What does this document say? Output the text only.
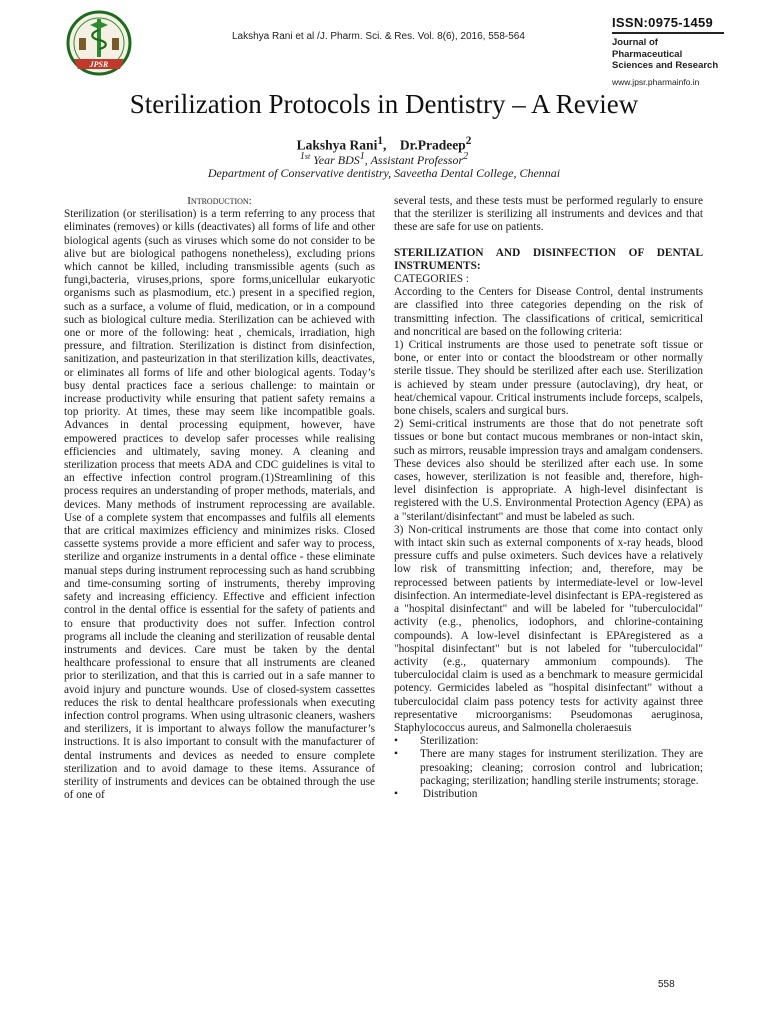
JPSR
Lakshya Rani et al /J. Pharm. Sci. & Res. Vol. 8(6), 2016, 558-564
ISSN:0975-1459
Journal of Pharmaceutical Sciences and Research
www.jpsr.pharmainfo.in
Sterilization Protocols in Dentistry – A Review
Lakshya Rani$^1$,    Dr.Pradeep$^2$
$^{1st}$ Year BDS$^1$, Assistant Professor$^2$
Department of Conservative dentistry, Saveetha Dental College, Chennai
Introduction:

Sterilization (or sterilisation) is a term referring to any process that eliminates (removes) or kills (deactivates) all forms of life and other biological agents (such as viruses which some do not consider to be alive but are biological pathogens nonetheless), excluding prions which cannot be killed, including transmissible agents (such as fungi,bacteria, viruses,prions, spore forms,unicellular eukaryotic organisms such as plasmodium, etc.) present in a specified region, such as a surface, a volume of fluid, medication, or in a compound such as biological culture media. Sterilization can be achieved with one or more of the following: heat , chemicals, irradiation, high pressure, and filtration. Sterilization is distinct from disinfection, sanitization, and pasteurization in that sterilization kills, deactivates, or eliminates all forms of life and other biological agents. Today’s busy dental practices face a serious challenge: to maintain or increase productivity while ensuring that patient safety remains a top priority. At times, these may seem like incompatible goals. Advances in dental processing equipment, however, have empowered practices to develop safer processes while realising efficiencies and ultimately, saving money. A cleaning and sterilization process that meets ADA and CDC guidelines is vital to an effective infection control program.(1)Streamlining of this process requires an understanding of proper methods, materials, and devices. Many methods of instrument reprocessing are available. Use of a complete system that encompasses and fulfils all elements that are critical maximizes efficiency and minimizes risks. Closed cassette systems provide a more efficient and safer way to process, sterilize and organize instruments in a dental office - these eliminate manual steps during instrument reprocessing such as hand scrubbing and time-consuming sorting of instruments, thereby improving safety and increasing efficiency. Effective and efficient infection control in the dental office is essential for the safety of patients and to ensure that productivity does not suffer. Infection control programs all include the cleaning and sterilization of reusable dental instruments and devices. Care must be taken by the dental healthcare professional to ensure that all instruments are cleaned prior to sterilization, and that this is carried out in a safe manner to avoid injury and puncture wounds. Use of closed-system cassettes reduces the risk to dental healthcare professionals when executing infection control programs. When using ultrasonic cleaners, washers and sterilizers, it is important to always follow the manufacturer’s instructions. It is also important to consult with the manufacturer of dental instruments and devices as needed to ensure complete sterilization and to avoid damage to these items. Assurance of sterility of instruments and devices can be obtained through the use of one of

several tests, and these tests must be performed regularly to ensure that the sterilizer is sterilizing all instruments and devices and that these are safe for use on patients.

STERILIZATION AND DISINFECTION OF DENTAL INSTRUMENTS:
CATEGORIES :

According to the Centers for Disease Control, dental instruments are classified into three categories depending on the risk of transmitting infection. The classifications of critical, semicritical and noncritical are based on the following criteria:

1) Critical instruments are those used to penetrate soft tissue or bone, or enter into or contact the bloodstream or other normally sterile tissue. They should be sterilized after each use. Sterilization is achieved by steam under pressure (autoclaving), dry heat, or heat/chemical vapour. Critical instruments include forceps, scalpels, bone chisels, scalers and surgical burs.

2) Semi-critical instruments are those that do not penetrate soft tissues or bone but contact mucous membranes or non-intact skin, such as mirrors, reusable impression trays and amalgam condensers. These devices also should be sterilized after each use. In some cases, however, sterilization is not feasible and, therefore, high-level disinfection is appropriate. A high-level disinfectant is registered with the U.S. Environmental Protection Agency (EPA) as a "sterilant/disinfectant" and must be labeled as such.

3) Non-critical instruments are those that come into contact only with intact skin such as external components of x-ray heads, blood pressure cuffs and pulse oximeters. Such devices have a relatively low risk of transmitting infection; and, therefore, may be reprocessed between patients by intermediate-level or low-level disinfection. An intermediate-level disinfectant is EPA-registered as a "hospital disinfectant" and will be labeled for "tuberculocidal" activity (e.g., phenolics, iodophors, and chlorine-containing compounds). A low-level disinfectant is EPAregistered as a "hospital disinfectant" but is not labeled for "tuberculocidal" activity (e.g., quaternary ammonium compounds). The tuberculocidal claim is used as a benchmark to measure germicidal potency. Germicides labeled as "hospital disinfectant" without a tuberculocidal claim pass potency tests for activity against three representative microorganisms: Pseudomonas aeruginosa, Staphylococcus aureus, and Salmonella choleraesuis

•	Sterilization:
•	There are many stages for instrument sterilization. They are presoaking; cleaning; corrosion control and lubrication; packaging; sterilization; handling sterile instruments; storage.
•	Distribution
558
